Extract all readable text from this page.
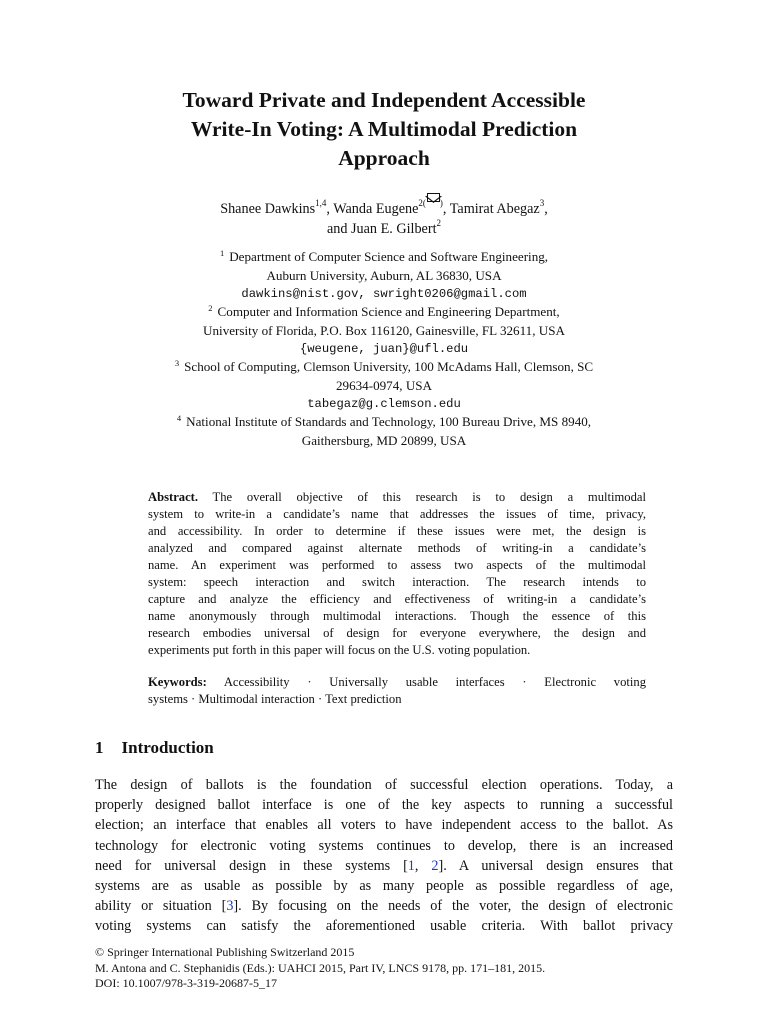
Toward Private and Independent Accessible
Write-In Voting: A Multimodal Prediction
Approach
Shanee Dawkins$^{1,4}$, Wanda Eugene$^{2( )}$, Tamirat Abegaz$^3$,
and Juan E. Gilbert$^2$
$^1$ Department of Computer Science and Software Engineering,
Auburn University, Auburn, AL 36830, USA
dawkins@nist.gov, swright0206@gmail.com
$^2$ Computer and Information Science and Engineering Department,
University of Florida, P.O. Box 116120, Gainesville, FL 32611, USA
{weugene, juan}@ufl.edu
$^3$ School of Computing, Clemson University, 100 McAdams Hall, Clemson, SC
29634-0974, USA
tabegaz@g.clemson.edu
$^4$ National Institute of Standards and Technology, 100 Bureau Drive, MS 8940,
Gaithersburg, MD 20899, USA
Abstract. The overall objective of this research is to design a multimodal
system to write-in a candidate’s name that addresses the issues of time, privacy,
and accessibility. In order to determine if these issues were met, the design is
analyzed and compared against alternate methods of writing-in a candidate’s
name. An experiment was performed to assess two aspects of the multimodal
system: speech interaction and switch interaction. The research intends to
capture and analyze the efficiency and effectiveness of writing-in a candidate’s
name anonymously through multimodal interactions. Though the essence of this
research embodies universal of design for everyone everywhere, the design and
experiments put forth in this paper will focus on the U.S. voting population.
Keywords: Accessibility · Universally usable interfaces · Electronic voting
systems · Multimodal interaction · Text prediction
1 Introduction
The design of ballots is the foundation of successful election operations. Today, a
properly designed ballot interface is one of the key aspects to running a successful
election; an interface that enables all voters to have independent access to the ballot. As
technology for electronic voting systems continues to develop, there is an increased
need for universal design in these systems [1, 2]. A universal design ensures that
systems are as usable as possible by as many people as possible regardless of age,
ability or situation [3]. By focusing on the needs of the voter, the design of electronic
voting systems can satisfy the aforementioned usable criteria. With ballot privacy
© Springer International Publishing Switzerland 2015
M. Antona and C. Stephanidis (Eds.): UAHCI 2015, Part IV, LNCS 9178, pp. 171–181, 2015.
DOI: 10.1007/978-3-319-20687-5_17
